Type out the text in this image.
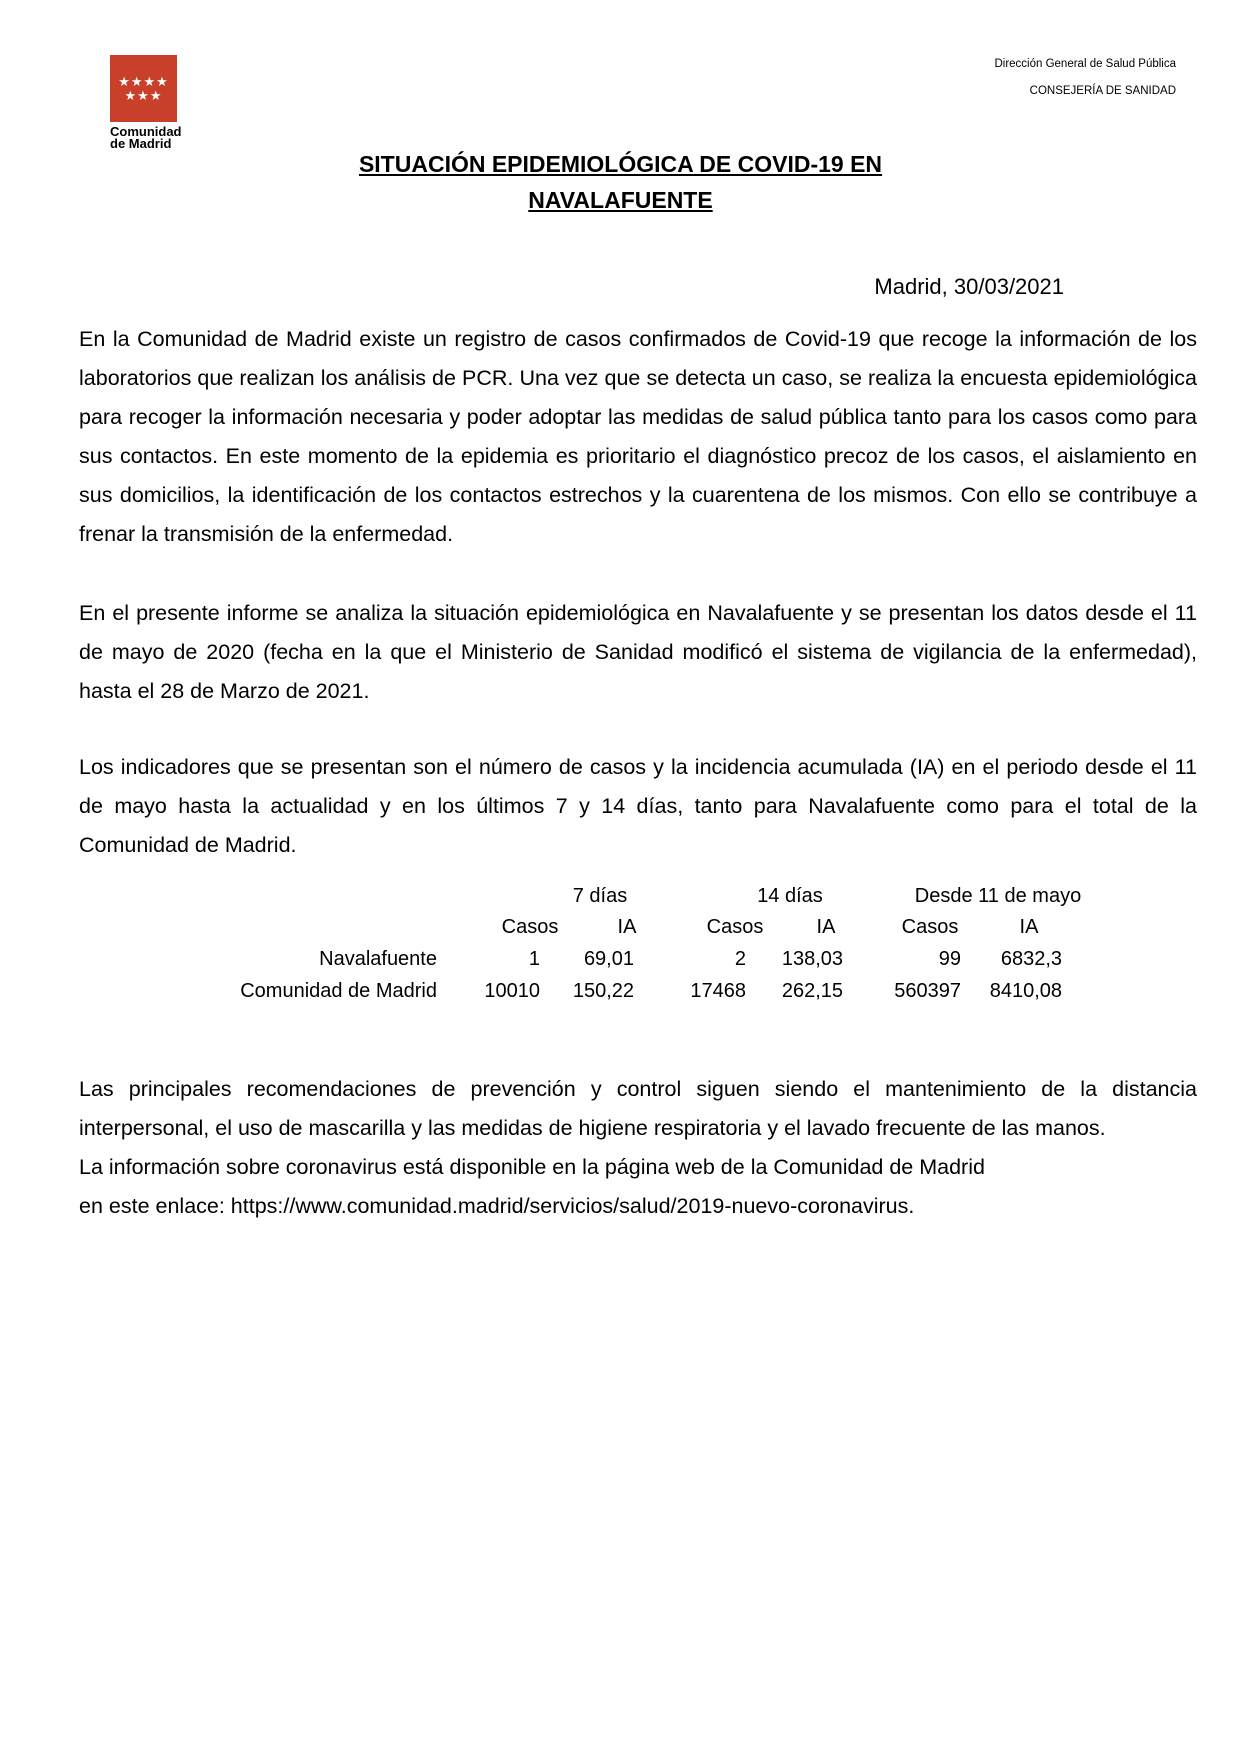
★★★★
★★★
Comunidad
de Madrid
Dirección General de Salud Pública
CONSEJERÍA DE SANIDAD
SITUACIÓN EPIDEMIOLÓGICA DE COVID-19 EN
NAVALAFUENTE
Madrid, 30/03/2021
En la Comunidad de Madrid existe un registro de casos confirmados de Covid-19 que recoge la información de los laboratorios que realizan los análisis de PCR. Una vez que se detecta un caso, se realiza la encuesta epidemiológica para recoger la información necesaria y poder adoptar las medidas de salud pública tanto para los casos como para sus contactos. En este momento de la epidemia es prioritario el diagnóstico precoz de los casos, el aislamiento en sus domicilios, la identificación de los contactos estrechos y la cuarentena de los mismos. Con ello se contribuye a frenar la transmisión de la enfermedad.
En el presente informe se analiza la situación epidemiológica en Navalafuente y se presentan los datos desde el 11 de mayo de 2020 (fecha en la que el Ministerio de Sanidad modificó el sistema de vigilancia de la enfermedad), hasta el 28 de Marzo de 2021.
Los indicadores que se presentan son el número de casos y la incidencia acumulada (IA) en el periodo desde el 11 de mayo hasta la actualidad y en los últimos 7 y 14 días, tanto para Navalafuente como para el total de la Comunidad de Madrid.
7 días	14 días	Desde 11 de mayo
Casos	IA	Casos	IA	Casos	IA
Navalafuente	1	69,01	2	138,03	99	6832,3
Comunidad de Madrid	10010	150,22	17468	262,15	560397	8410,08
Las principales recomendaciones de prevención y control siguen siendo el mantenimiento de la distancia interpersonal, el uso de mascarilla y las medidas de higiene respiratoria y el lavado frecuente de las manos.
La información sobre coronavirus está disponible en la página web de la Comunidad de Madrid
en este enlace: https://www.comunidad.madrid/servicios/salud/2019-nuevo-coronavirus.
